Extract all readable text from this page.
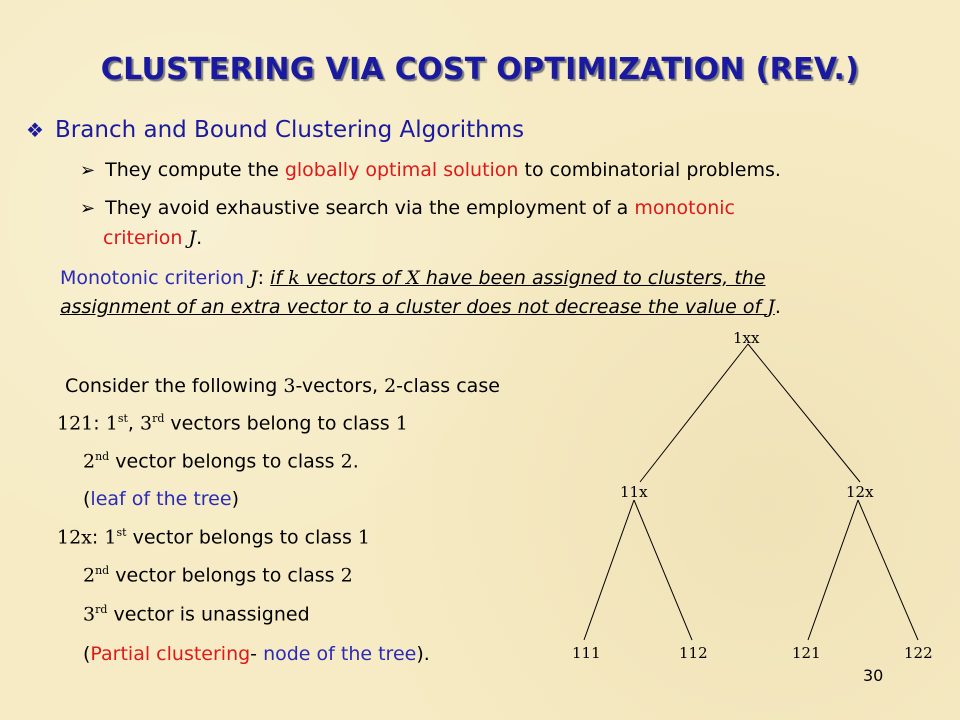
CLUSTERING VIA COST OPTIMIZATION (REV.)
❖ Branch and Bound Clustering Algorithms
➢ They compute the globally optimal solution to combinatorial problems.
➢ They avoid exhaustive search via the employment of a monotonic
criterion J.
Monotonic criterion J: if k vectors of X have been assigned to clusters, the
assignment of an extra vector to a cluster does not decrease the value of J.
Consider the following 3-vectors, 2-class case
121: 1st, 3rd vectors belong to class 1
2nd vector belongs to class 2.
(leaf of the tree)
12x: 1st vector belongs to class 1
2nd vector belongs to class 2
3rd vector is unassigned
(Partial clustering- node of the tree).
1xx
11x	12x
111	112	121	122
30
